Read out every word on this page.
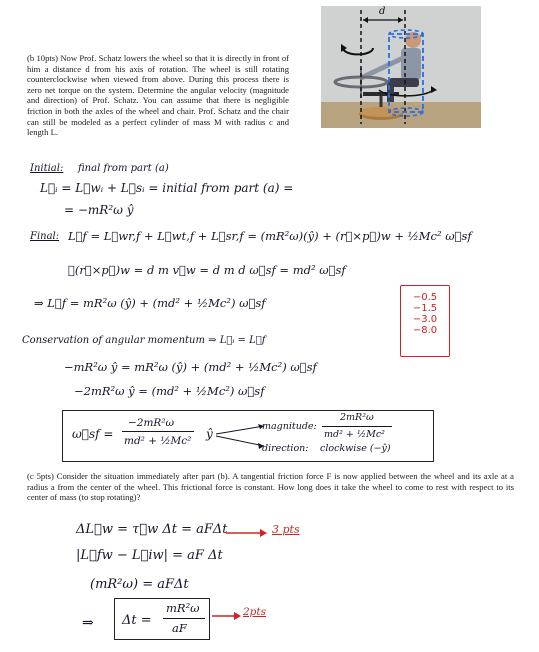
(b 10pts) Now Prof. Schatz lowers the wheel so that it is directly in front of him a distance d from his axis of rotation. The wheel is still rotating counterclockwise when viewed from above. During this process there is zero net torque on the system. Determine the angular velocity (magnitude and direction) of Prof. Schatz. You can assume that there is negligible friction in both the axles of the wheel and chair. Prof. Schatz and the chair can still be modeled as a perfect cylinder of mass M with radius c and length L.
d
Initial: final from part (a)
L⃗ᵢ = L⃗wᵢ + L⃗sᵢ = initial from part (a) =
= −mR²ω ŷ
Final: L⃗f = L⃗wr,f + L⃗wt,f + L⃗sr,f = (mR²ω)(ŷ) + (r⃗×p⃗)w + ½Mc² ω⃗sf
✓(r⃗×p⃗)w = d m v⃗w = d m d ω⃗sf = md² ω⃗sf
⇒ L⃗f = mR²ω (ŷ) + (md² + ½Mc²) ω⃗sf	−0.5
−1.5
−3.0
−8.0
Conservation of angular momentum ⇒ L⃗ᵢ = L⃗f
−mR²ω ŷ = mR²ω (ŷ) + (md² + ½Mc²) ω⃗sf
−2mR²ω ŷ = (md² + ½Mc²) ω⃗sf
ω⃗sf =
−2mR²ω
md² + ½Mc² ŷ
magnitude:
2mR²ω
md² + ½Mc²
direction: clockwise (−ŷ)
(c 5pts) Consider the situation immediately after part (b). A tangential friction force F is now applied between the wheel and its axle at a radius a from the center of the wheel. This frictional force is constant. How long does it take the wheel to come to rest with respect to its center of mass (to stop rotating)?
ΔL⃗w = τ⃗w Δt = aFΔt	3 pts
|L⃗fw − L⃗iw| = aF Δt
(mR²ω) = aFΔt
⇒ Δt =
mR²ω
aF
2pts
